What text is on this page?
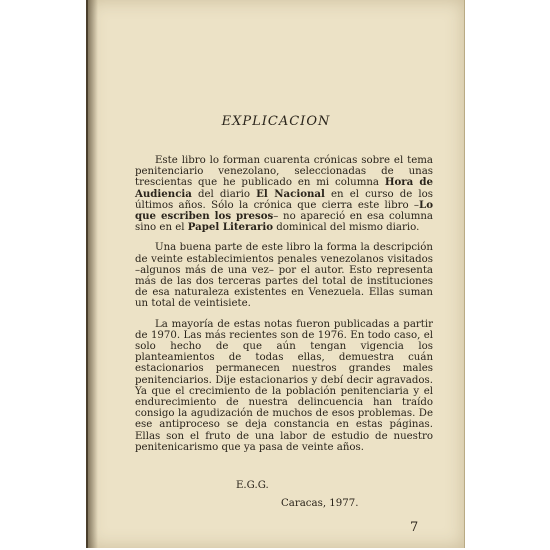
EXPLICACION

Este libro lo forman cuarenta crónicas sobre el tema penitenciario venezolano, seleccionadas de unas trescientas que he publicado en mi columna Hora de Audiencia del diario El Nacional en el curso de los últimos años. Sólo la crónica que cierra este libro –Lo que escriben los presos– no apareció en esa columna sino en el Papel Literario dominical del mismo diario.

Una buena parte de este libro la forma la descripción de veinte establecimientos penales venezolanos visitados –algunos más de una vez– por el autor. Esto representa más de las dos terceras partes del total de instituciones de esa naturaleza existentes en Venezuela. Ellas suman un total de veintisiete.

La mayoría de estas notas fueron publicadas a partir de 1970. Las más recientes son de 1976. En todo caso, el solo hecho de que aún tengan vigencia los planteamientos de todas ellas, demuestra cuán estacionarios permanecen nuestros grandes males penitenciarios. Dije estacionarios y debí decir agravados. Ya que el crecimiento de la población penitenciaria y el endurecimiento de nuestra delincuencia han traído consigo la agudización de muchos de esos problemas. De ese antiproceso se deja constancia en estas páginas. Ellas son el fruto de una labor de estudio de nuestro penitenicarismo que ya pasa de veinte años.

E.G.G.
Caracas, 1977.
7
